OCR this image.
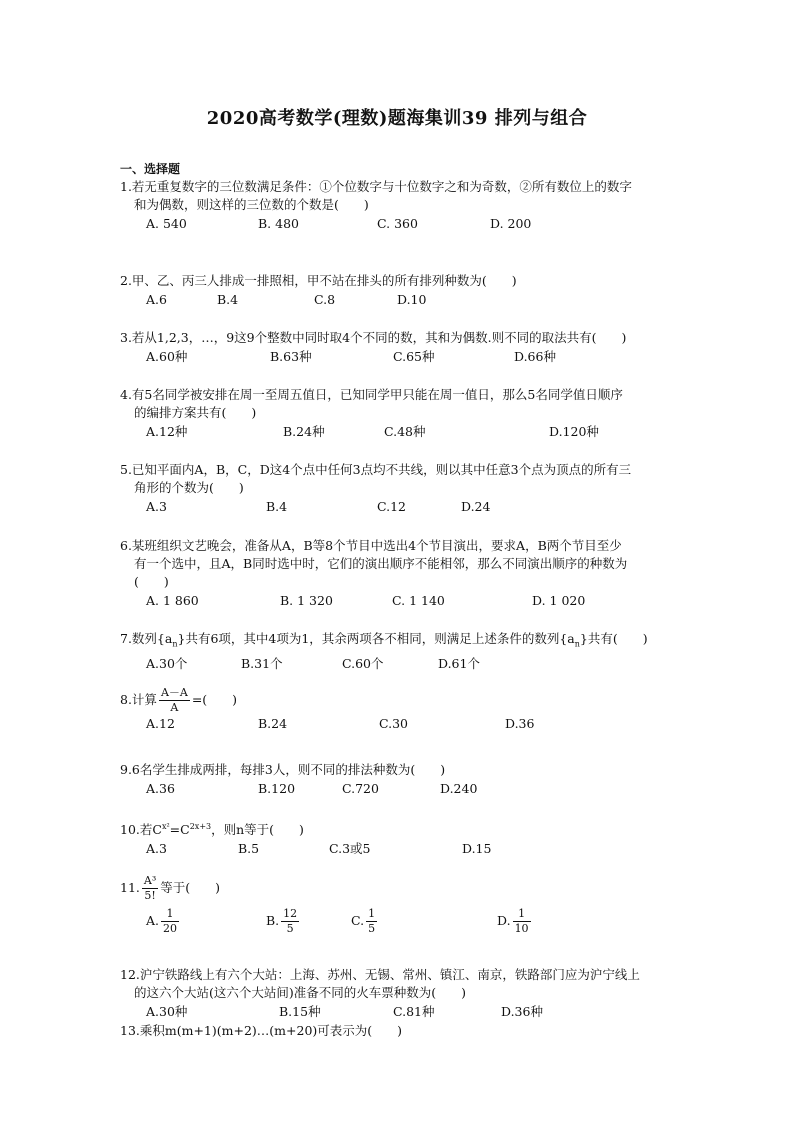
2020高考数学(理数)题海集训39 排列与组合
一、选择题
1.若无重复数字的三位数满足条件：①个位数字与十位数字之和为奇数，②所有数位上的数字
和为偶数，则这样的三位数的个数是(　　)
A. 540	B. 480	C. 360	D. 200
2.甲、乙、丙三人排成一排照相，甲不站在排头的所有排列种数为(　　)
A.6	B.4	C.8	D.10
3.若从1,2,3，…，9这9个整数中同时取4个不同的数，其和为偶数.则不同的取法共有(　　)
A.60种	B.63种	C.65种	D.66种
4.有5名同学被安排在周一至周五值日，已知同学甲只能在周一值日，那么5名同学值日顺序
的编排方案共有(　　)
A.12种	B.24种	C.48种	D.120种
5.已知平面内A，B，C，D这4个点中任何3点均不共线，则以其中任意3个点为顶点的所有三
角形的个数为(　　)
A.3	B.4	C.12	D.24
6.某班组织文艺晚会，准备从A，B等8个节目中选出4个节目演出，要求A，B两个节目至少
有一个选中，且A，B同时选中时，它们的演出顺序不能相邻，那么不同演出顺序的种数为
(　　)
A. 1 860	B. 1 320	C. 1 140	D. 1 020
7.数列$\{a_n\}$共有6项，其中4项为1，其余两项各不相同，则满足上述条件的数列$\{a_n\}$共有(　　)
A.30个	B.31个	C.60个	D.61个
8.计算 $\frac{A-A}{A}$ =(　　)
A.12	B.24	C.30	D.36
9.6名学生排成两排，每排3人，则不同的排法种数为(　　)
A.36	B.120	C.720	D.240
10.若$C^{x^2}=C^{2x+3}$，则n等于(　　)
A.3	B.5	C.3或5	D.15
11. $\frac{\text{A³}}{5!}$ 等于(　　)
A. $\frac{1}{20}$	B. $\frac{12}{5}$	C. $\frac{1}{5}$	D. $\frac{1}{10}$
12.沪宁铁路线上有六个大站：上海、苏州、无锡、常州、镇江、南京，铁路部门应为沪宁线上
的这六个大站(这六个大站间)准备不同的火车票种数为(　　)
A.30种	B.15种	C.81种	D.36种
13.乘积m(m+1)(m+2)…(m+20)可表示为(　　)
